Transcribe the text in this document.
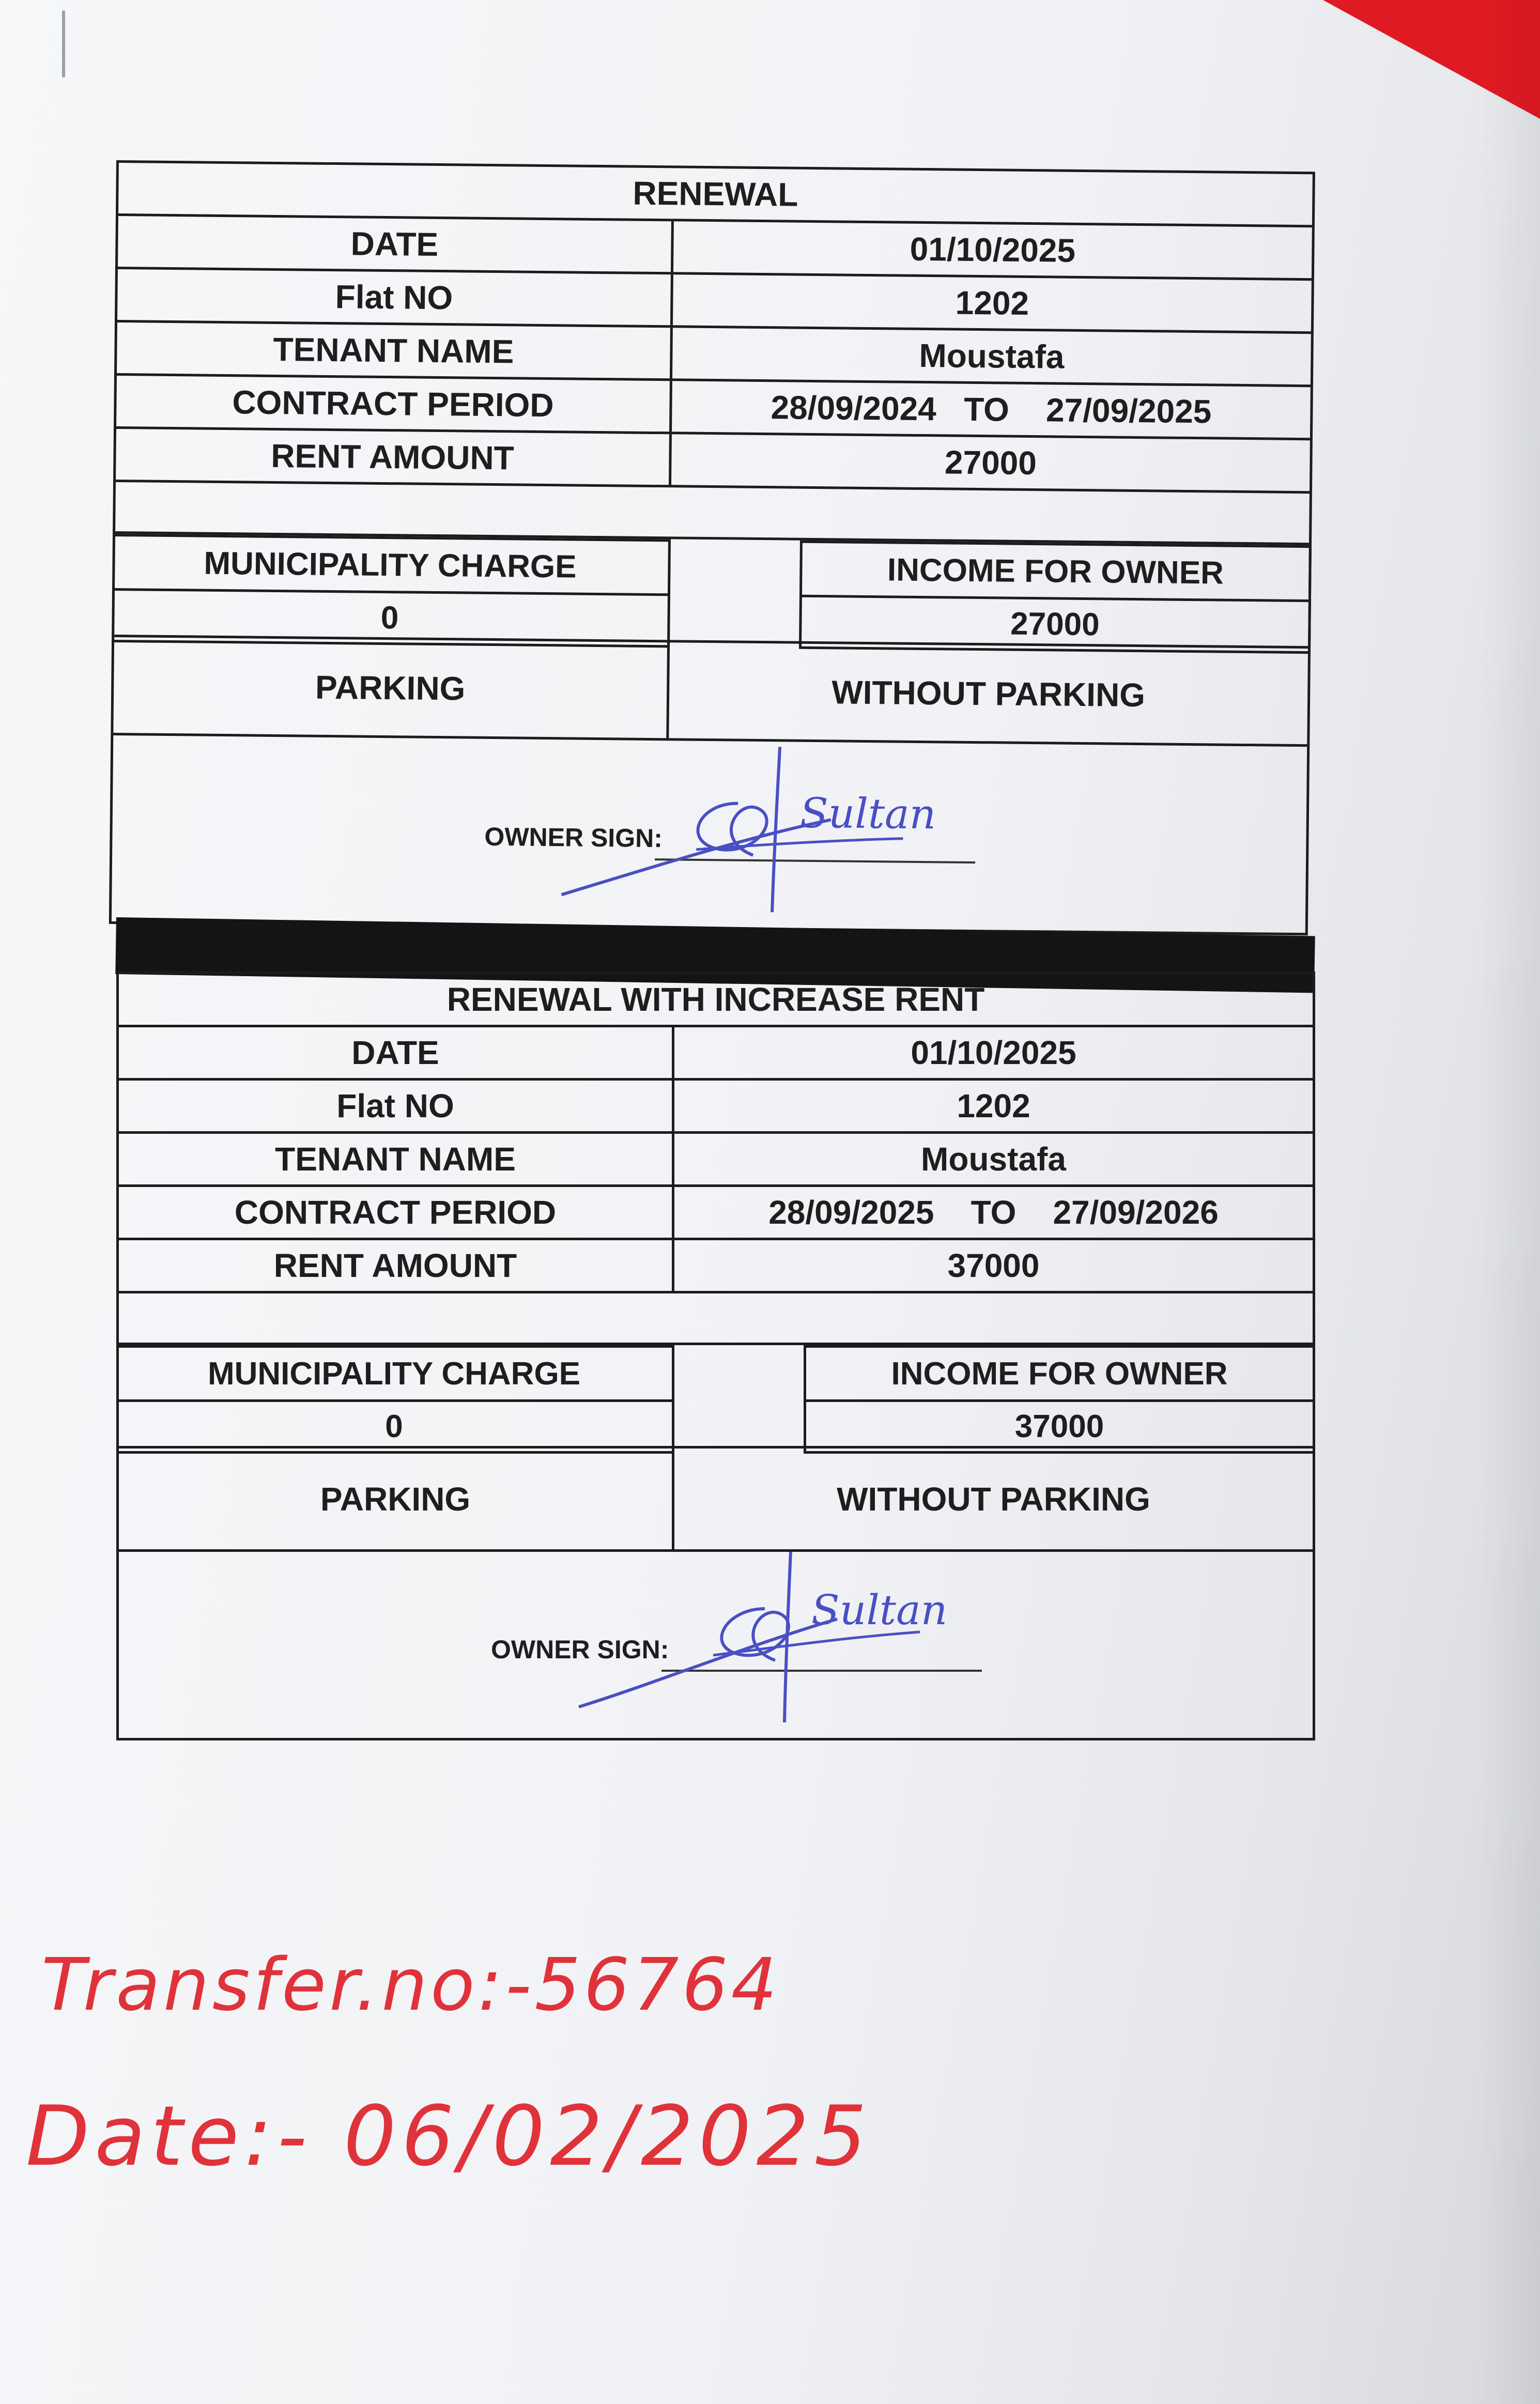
RENEWAL
DATE	01/10/2025
Flat NO	1202
TENANT NAME	Moustafa
CONTRACT PERIOD	28/09/2024   TO    27/09/2025
RENT AMOUNT	27000
MUNICIPALITY CHARGE
0
INCOME FOR OWNER
27000
PARKING	WITHOUT PARKING
OWNER SIGN:	Sultan
RENEWAL WITH INCREASE RENT
DATE	01/10/2025
Flat NO	1202
TENANT NAME	Moustafa
CONTRACT PERIOD	28/09/2025    TO    27/09/2026
RENT AMOUNT	37000
MUNICIPALITY CHARGE
0
INCOME FOR OWNER
37000
PARKING	WITHOUT PARKING
OWNER SIGN:
Sultan
Transfer.no:-56764
Date:- 06/02/2025
